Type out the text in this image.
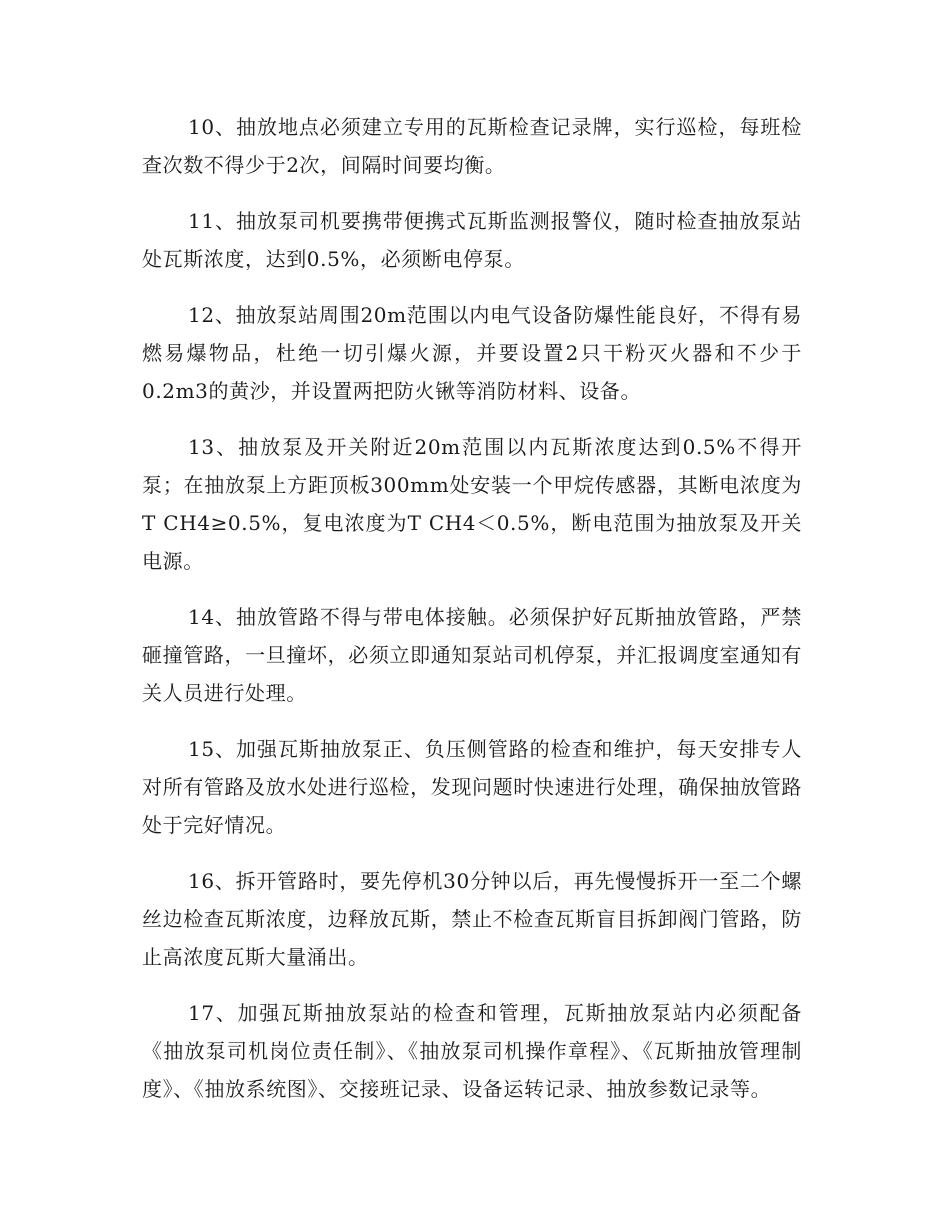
10、抽放地点必须建立专用的瓦斯检查记录牌，实行巡检，每班检查次数不得少于2次，间隔时间要均衡。

11、抽放泵司机要携带便携式瓦斯监测报警仪，随时检查抽放泵站处瓦斯浓度，达到0.5%，必须断电停泵。

12、抽放泵站周围20m范围以内电气设备防爆性能良好，不得有易燃易爆物品，杜绝一切引爆火源，并要设置2只干粉灭火器和不少于0.2m3的黄沙，并设置两把防火锹等消防材料、设备。

13、抽放泵及开关附近20m范围以内瓦斯浓度达到0.5%不得开泵；在抽放泵上方距顶板300mm处安装一个甲烷传感器，其断电浓度为T CH4≥0.5%，复电浓度为T CH4＜0.5%，断电范围为抽放泵及开关电源。

14、抽放管路不得与带电体接触。必须保护好瓦斯抽放管路，严禁砸撞管路，一旦撞坏，必须立即通知泵站司机停泵，并汇报调度室通知有关人员进行处理。

15、加强瓦斯抽放泵正、负压侧管路的检查和维护，每天安排专人对所有管路及放水处进行巡检，发现问题时快速进行处理，确保抽放管路处于完好情况。

16、拆开管路时，要先停机30分钟以后，再先慢慢拆开一至二个螺丝边检查瓦斯浓度，边释放瓦斯，禁止不检查瓦斯盲目拆卸阀门管路，防止高浓度瓦斯大量涌出。

17、加强瓦斯抽放泵站的检查和管理，瓦斯抽放泵站内必须配备《抽放泵司机岗位责任制》、《抽放泵司机操作章程》、《瓦斯抽放管理制度》、《抽放系统图》、交接班记录、设备运转记录、抽放参数记录等。
